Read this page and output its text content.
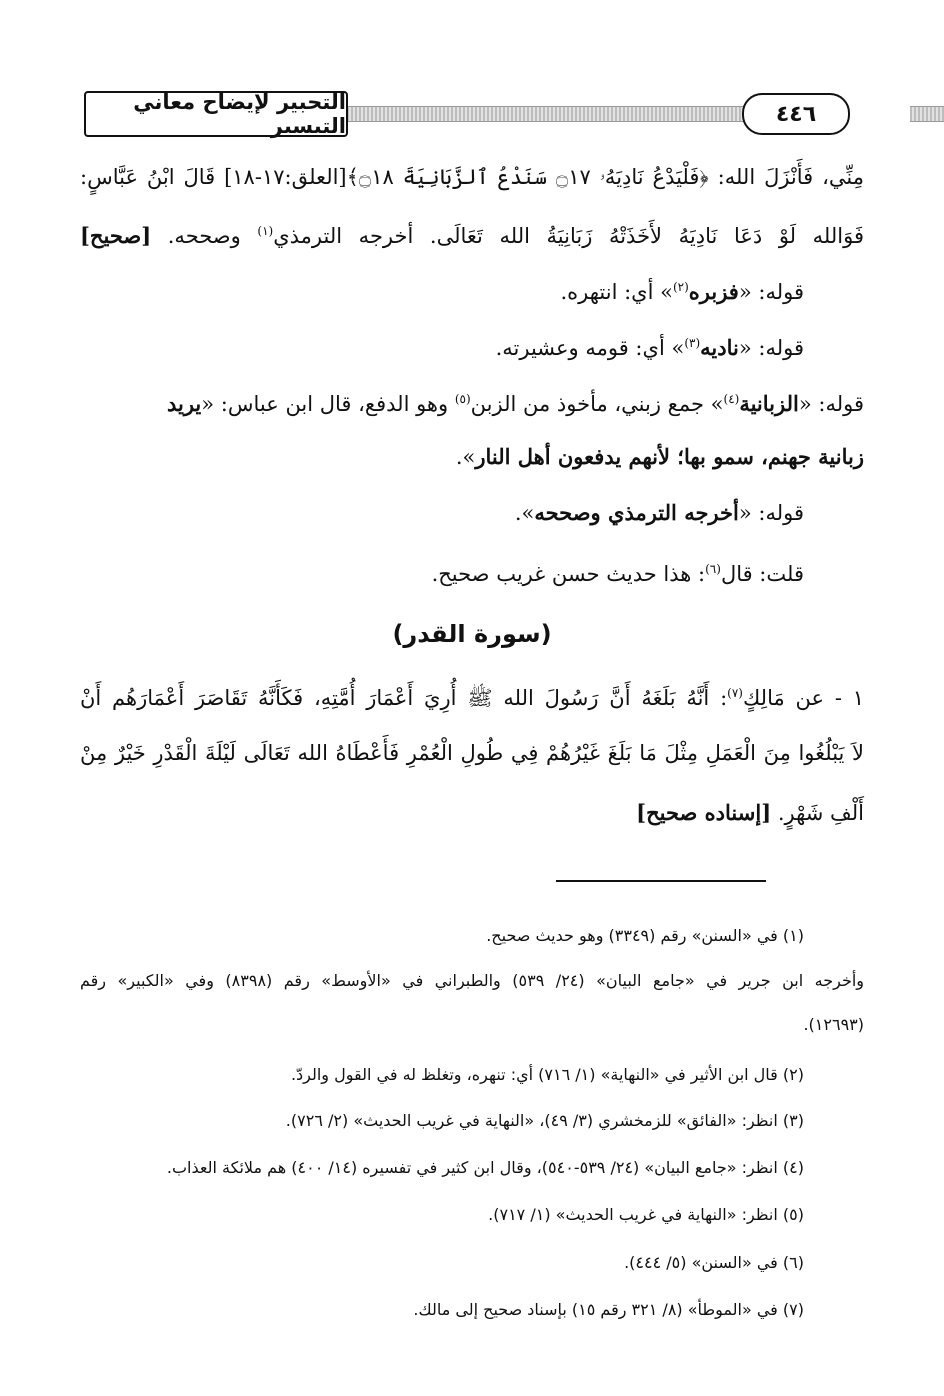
التحبير لإيضاح معاني التيسير	٤٤٦
مِنِّي، فَأَنْزَلَ الله: ﴿فَلْيَدْعُ نَادِيَهُۥ ۝١٧ سَنَدْعُ ٱلزَّبَانِيَةَ ۝١٨﴾[العلق:١٧-١٨] قَالَ ابْنُ عَبَّاسٍ:
فَوَالله لَوْ دَعَا نَادِيَهُ لأَخَذَتْهُ زَبَانِيَةُ الله تَعَالَى. أخرجه الترمذي$^{(١)}$ وصححه. [صحيح]
قوله: «فزبره$^{(٢)}$» أي: انتهره.
قوله: «ناديه$^{(٣)}$» أي: قومه وعشيرته.
قوله: «الزبانية$^{(٤)}$» جمع زبني، مأخوذ من الزبن$^{(٥)}$ وهو الدفع، قال ابن عباس: «يريد
زبانية جهنم، سمو بها؛ لأنهم يدفعون أهل النار».
قوله: «أخرجه الترمذي وصححه».
قلت: قال$^{(٦)}$: هذا حديث حسن غريب صحيح.
(سورة القدر)
١ - عن مَالِكٍ$^{(٧)}$: أَنَّهُ بَلَغَهُ أَنَّ رَسُولَ الله ﷺ أُرِيَ أَعْمَارَ أُمَّتِهِ، فَكَأَنَّهُ تَقَاصَرَ أَعْمَارَهُم أَنْ
لاَ يَبْلُغُوا مِنَ الْعَمَلِ مِثْلَ مَا بَلَغَ غَيْرُهُمْ فِي طُولِ الْعُمْرِ فَأَعْطَاهُ الله تَعَالَى لَيْلَةَ الْقَدْرِ خَيْرٌ مِنْ
أَلْفِ شَهْرٍ. [إسناده صحيح]
(١) في «السنن» رقم (٣٣٤٩) وهو حديث صحيح.
وأخرجه ابن جرير في «جامع البيان» (٢٤/ ٥٣٩) والطبراني في «الأوسط» رقم (٨٣٩٨) وفي «الكبير» رقم
(١٢٦٩٣).
(٢) قال ابن الأثير في «النهاية» (١/ ٧١٦) أي: تنهره، وتغلظ له في القول والردّ.
(٣) انظر: «الفائق» للزمخشري (٣/ ٤٩)، «النهاية في غريب الحديث» (٢/ ٧٢٦).
(٤) انظر: «جامع البيان» (٢٤/ ٥٣٩-٥٤٠)، وقال ابن كثير في تفسيره (١٤/ ٤٠٠) هم ملائكة العذاب.
(٥) انظر: «النهاية في غريب الحديث» (١/ ٧١٧).
(٦) في «السنن» (٥/ ٤٤٤).
(٧) في «الموطأ» (٨/ ٣٢١ رقم ١٥) بإسناد صحيح إلى مالك.
